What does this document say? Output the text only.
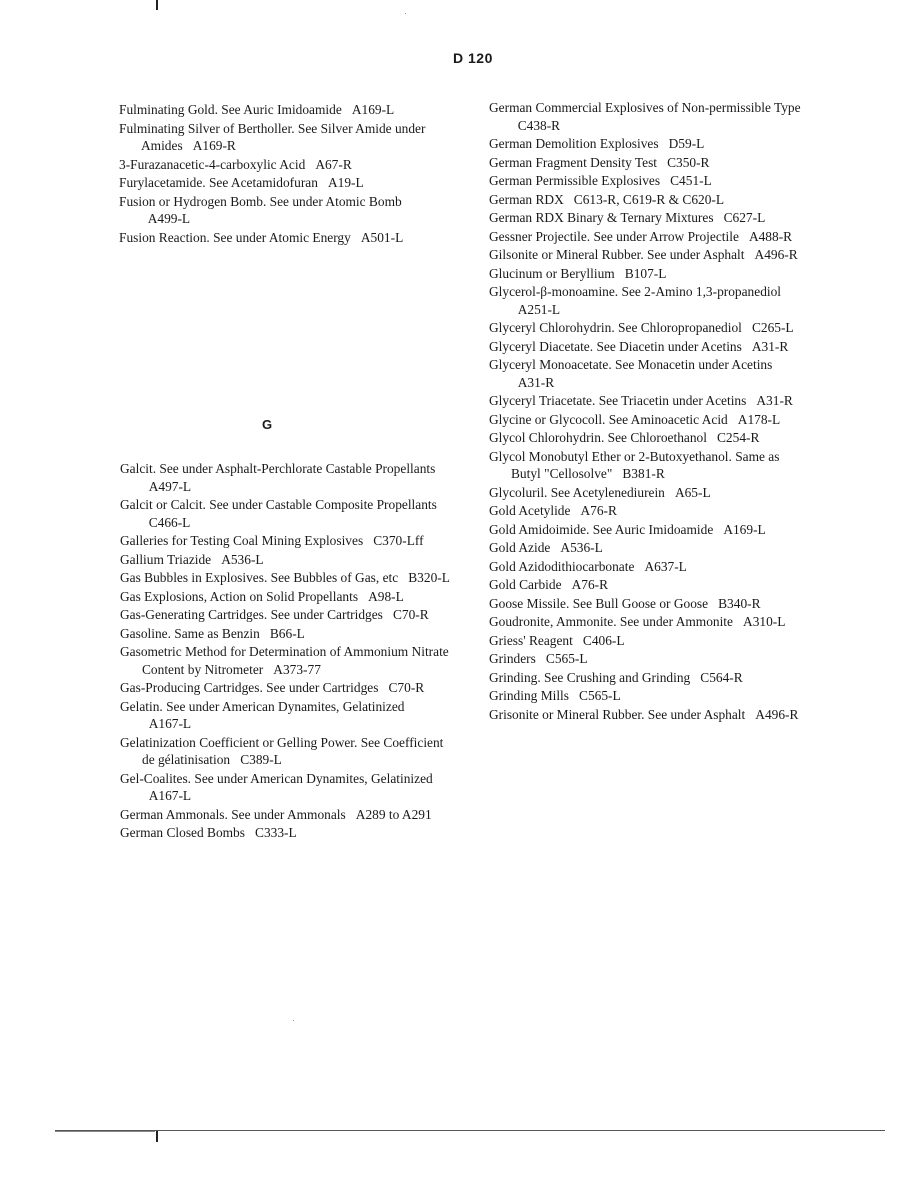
D 120
Fulminating Gold. See Auric Imidoamide A169-L
Fulminating Silver of Bertholler. See Silver Amide under Amides A169-R
3-Furazanacetic-4-carboxylic Acid A67-R
Furylacetamide. See Acetamidofuran A19-L
Fusion or Hydrogen Bomb. See under Atomic BombA499-L
Fusion Reaction. See under Atomic Energy A501-L
G
Galcit. See under Asphalt-Perchlorate Castable PropellantsA497-L
Galcit or Calcit. See under Castable Composite PropellantsC466-L
Galleries for Testing Coal Mining Explosives C370-Lff
Gallium Triazide A536-L
Gas Bubbles in Explosives. See Bubbles of Gas, etc B320-L
Gas Explosions, Action on Solid Propellants A98-L
Gas-Generating Cartridges. See under Cartridges C70-R
Gasoline. Same as Benzin B66-L
Gasometric Method for Determination of Ammonium Nitrate Content by Nitrometer A373-77
Gas-Producing Cartridges. See under Cartridges C70-R
Gelatin. See under American Dynamites, GelatinizedA167-L
Gelatinization Coefficient or Gelling Power. See Coefficient de gélatinisation C389-L
Gel-Coalites. See under American Dynamites, GelatinizedA167-L
German Ammonals. See under Ammonals A289 to A291
German Closed Bombs C333-L
German Commercial Explosives of Non-permissible TypeC438-R
German Demolition Explosives D59-L
German Fragment Density Test C350-R
German Permissible Explosives C451-L
German RDX C613-R, C619-R & C620-L
German RDX Binary & Ternary Mixtures C627-L
Gessner Projectile. See under Arrow Projectile A488-R
Gilsonite or Mineral Rubber. See under Asphalt A496-R
Glucinum or Beryllium B107-L
Glycerol-β-monoamine. See 2-Amino 1,3-propanediolA251-L
Glyceryl Chlorohydrin. See Chloropropanediol C265-L
Glyceryl Diacetate. See Diacetin under Acetins A31-R
Glyceryl Monoacetate. See Monacetin under AcetinsA31-R
Glyceryl Triacetate. See Triacetin under Acetins A31-R
Glycine or Glycocoll. See Aminoacetic Acid A178-L
Glycol Chlorohydrin. See Chloroethanol C254-R
Glycol Monobutyl Ether or 2-Butoxyethanol. Same as Butyl "Cellosolve" B381-R
Glycoluril. See Acetylenediurein A65-L
Gold Acetylide A76-R
Gold Amidoimide. See Auric Imidoamide A169-L
Gold Azide A536-L
Gold Azidodithiocarbonate A637-L
Gold Carbide A76-R
Goose Missile. See Bull Goose or Goose B340-R
Goudronite, Ammonite. See under Ammonite A310-L
Griess' Reagent C406-L
Grinders C565-L
Grinding. See Crushing and Grinding C564-R
Grinding Mills C565-L
Grisonite or Mineral Rubber. See under Asphalt A496-R
